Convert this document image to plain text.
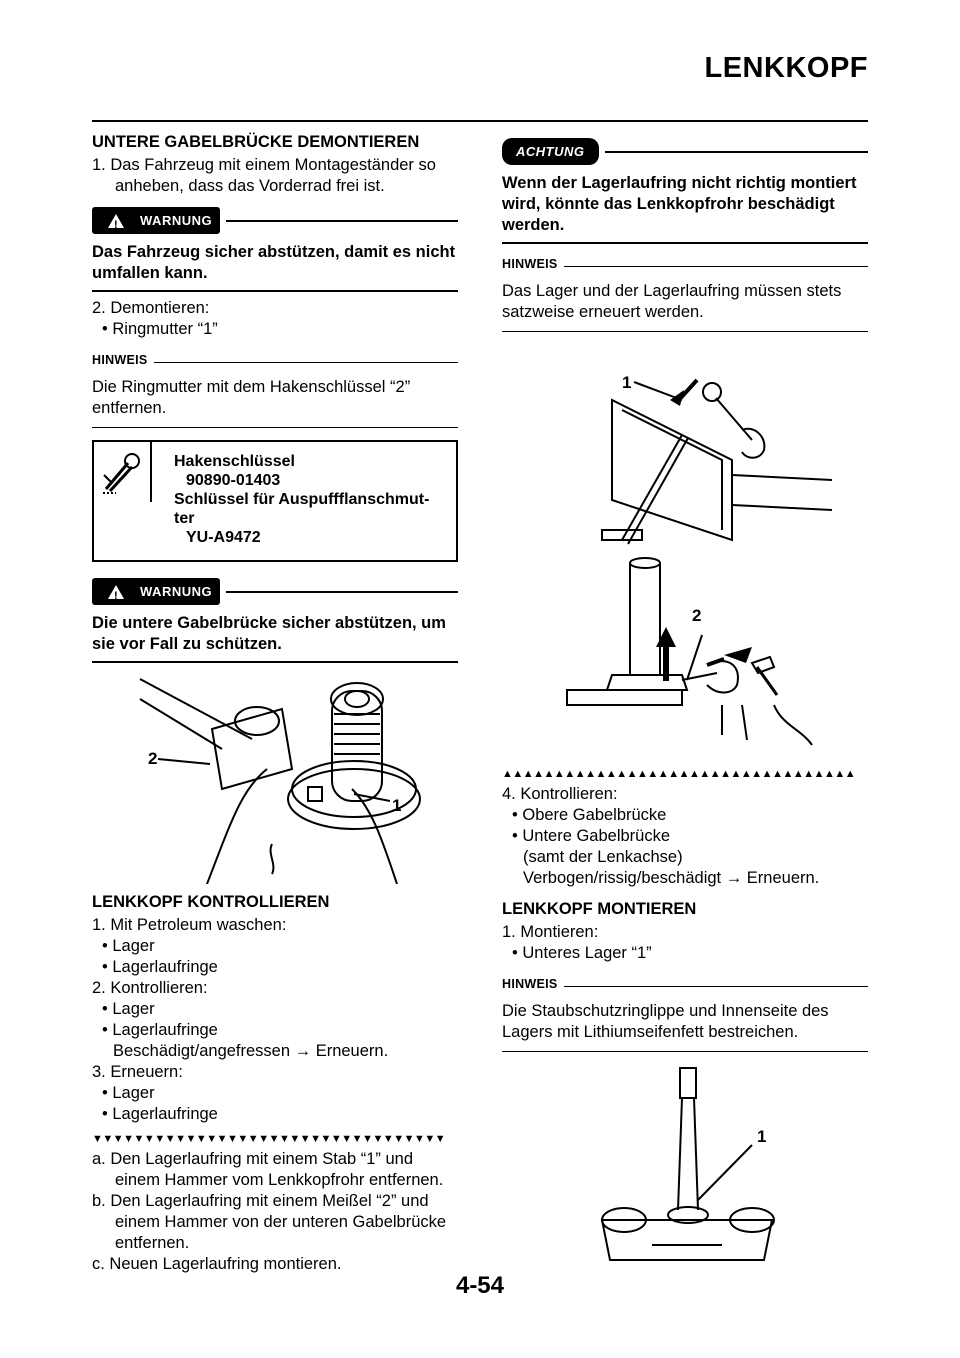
LENKKOPF

UNTERE GABELBRÜCKE DEMONTIEREN

1. Das Fahrzeug mit einem Montageständer so anheben, dass das Vorderrad frei ist.

!
WARNUNG

Das Fahrzeug sicher abstützen, damit es nicht umfallen kann.

2. Demontieren:

• Ringmutter “1”

HINWEIS

Die Ringmutter mit dem Hakenschlüssel “2” entfernen.

Hakenschlüssel
90890-01403
Schlüssel für Auspuffflanschmut-
ter
YU-A9472
!
WARNUNG

Die untere Gabelbrücke sicher abstützen, um sie vor Fall zu schützen.

2
1

LENKKOPF KONTROLLIEREN

1. Mit Petroleum waschen:

• Lager

• Lagerlaufringe

2. Kontrollieren:

• Lager

• Lagerlaufringe

Beschädigt/angefressen → Erneuern.

3. Erneuern:

• Lager

• Lagerlaufringe

▼▼▼▼▼▼▼▼▼▼▼▼▼▼▼▼▼▼▼▼▼▼▼▼▼▼▼▼▼▼▼▼▼▼

a. Den Lagerlaufring mit einem Stab “1” und einem Hammer vom Lenkkopfrohr entfernen.

b. Den Lagerlaufring mit einem Meißel “2” und einem Hammer von der unteren Gabelbrücke entfernen.

c. Neuen Lagerlaufring montieren.

ACHTUNG

Wenn der Lagerlaufring nicht richtig montiert wird, könnte das Lenkkopfrohr beschädigt werden.

HINWEIS

Das Lager und der Lagerlaufring müssen stets satzweise erneuert werden.

1
2
▲▲▲▲▲▲▲▲▲▲▲▲▲▲▲▲▲▲▲▲▲▲▲▲▲▲▲▲▲▲▲▲▲▲

4. Kontrollieren:

• Obere Gabelbrücke

• Untere Gabelbrücke

(samt der Lenkachse)

Verbogen/rissig/beschädigt → Erneuern.

LENKKOPF MONTIEREN

1. Montieren:

• Unteres Lager “1”

HINWEIS

Die Staubschutzringlippe und Innenseite des Lagers mit Lithiumseifenfett bestreichen.

1
4-54
